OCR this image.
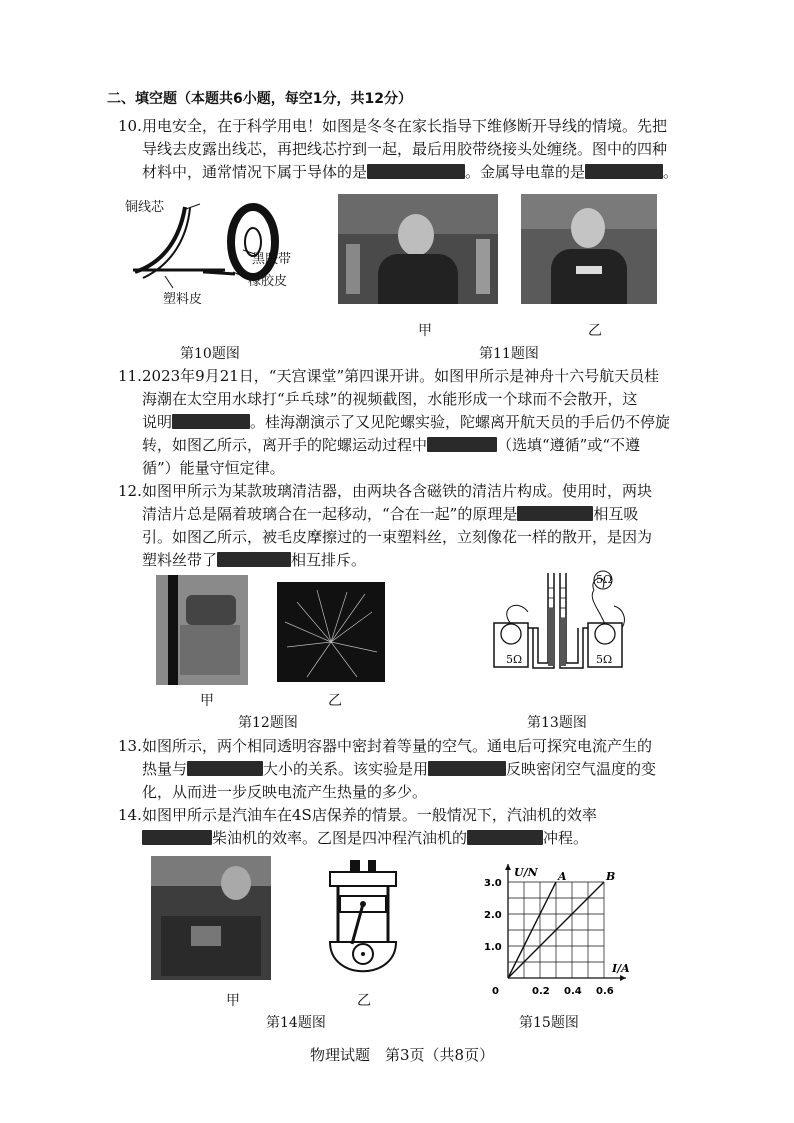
二、填空题（本题共6小题，每空1分，共12分）
10. 用电安全，在于科学用电！如图是冬冬在家长指导下维修断开导线的情境。先把
导线去皮露出线芯，再把线芯拧到一起，最后用胶带绕接头处缠绕。图中的四种
材料中，通常情况下属于导体的是	。金属导电靠的是	。
铜线芯
黑胶带
橡胶皮
塑料皮
第10题图
甲	乙
第11题图
11. 2023年9月21日，“天宫课堂”第四课开讲。如图甲所示是神舟十六号航天员桂
海潮在太空用水球打“乒乓球”的视频截图，水能形成一个球而不会散开，这
说明	。桂海潮演示了又见陀螺实验，陀螺离开航天员的手后仍不停旋
转，如图乙所示，离开手的陀螺运动过程中	（选填“遵循”或“不遵
循”）能量守恒定律。
12. 如图甲所示为某款玻璃清洁器，由两块各含磁铁的清洁片构成。使用时，两块
清洁片总是隔着玻璃合在一起移动，“合在一起”的原理是	相互吸
引。如图乙所示，被毛皮摩擦过的一束塑料丝，立刻像花一样的散开，是因为
塑料丝带了	相互排斥。
甲	乙
第12题图
5Ω	5Ω
5Ω
第13题图
13. 如图所示，两个相同透明容器中密封着等量的空气。通电后可探究电流产生的
热量与	大小的关系。该实验是用	反映密闭空气温度的变
化，从而进一步反映电流产生热量的多少。
14. 如图甲所示是汽油车在4S店保养的情景。一般情况下，汽油机的效率
柴油机的效率。乙图是四冲程汽油机的	冲程。
甲	乙
第14题图
I/A
U/N
0	0.2 0.4 0.6
1.0
2.0
3.0
A	B
第15题图
物理试题　第3页（共8页）
